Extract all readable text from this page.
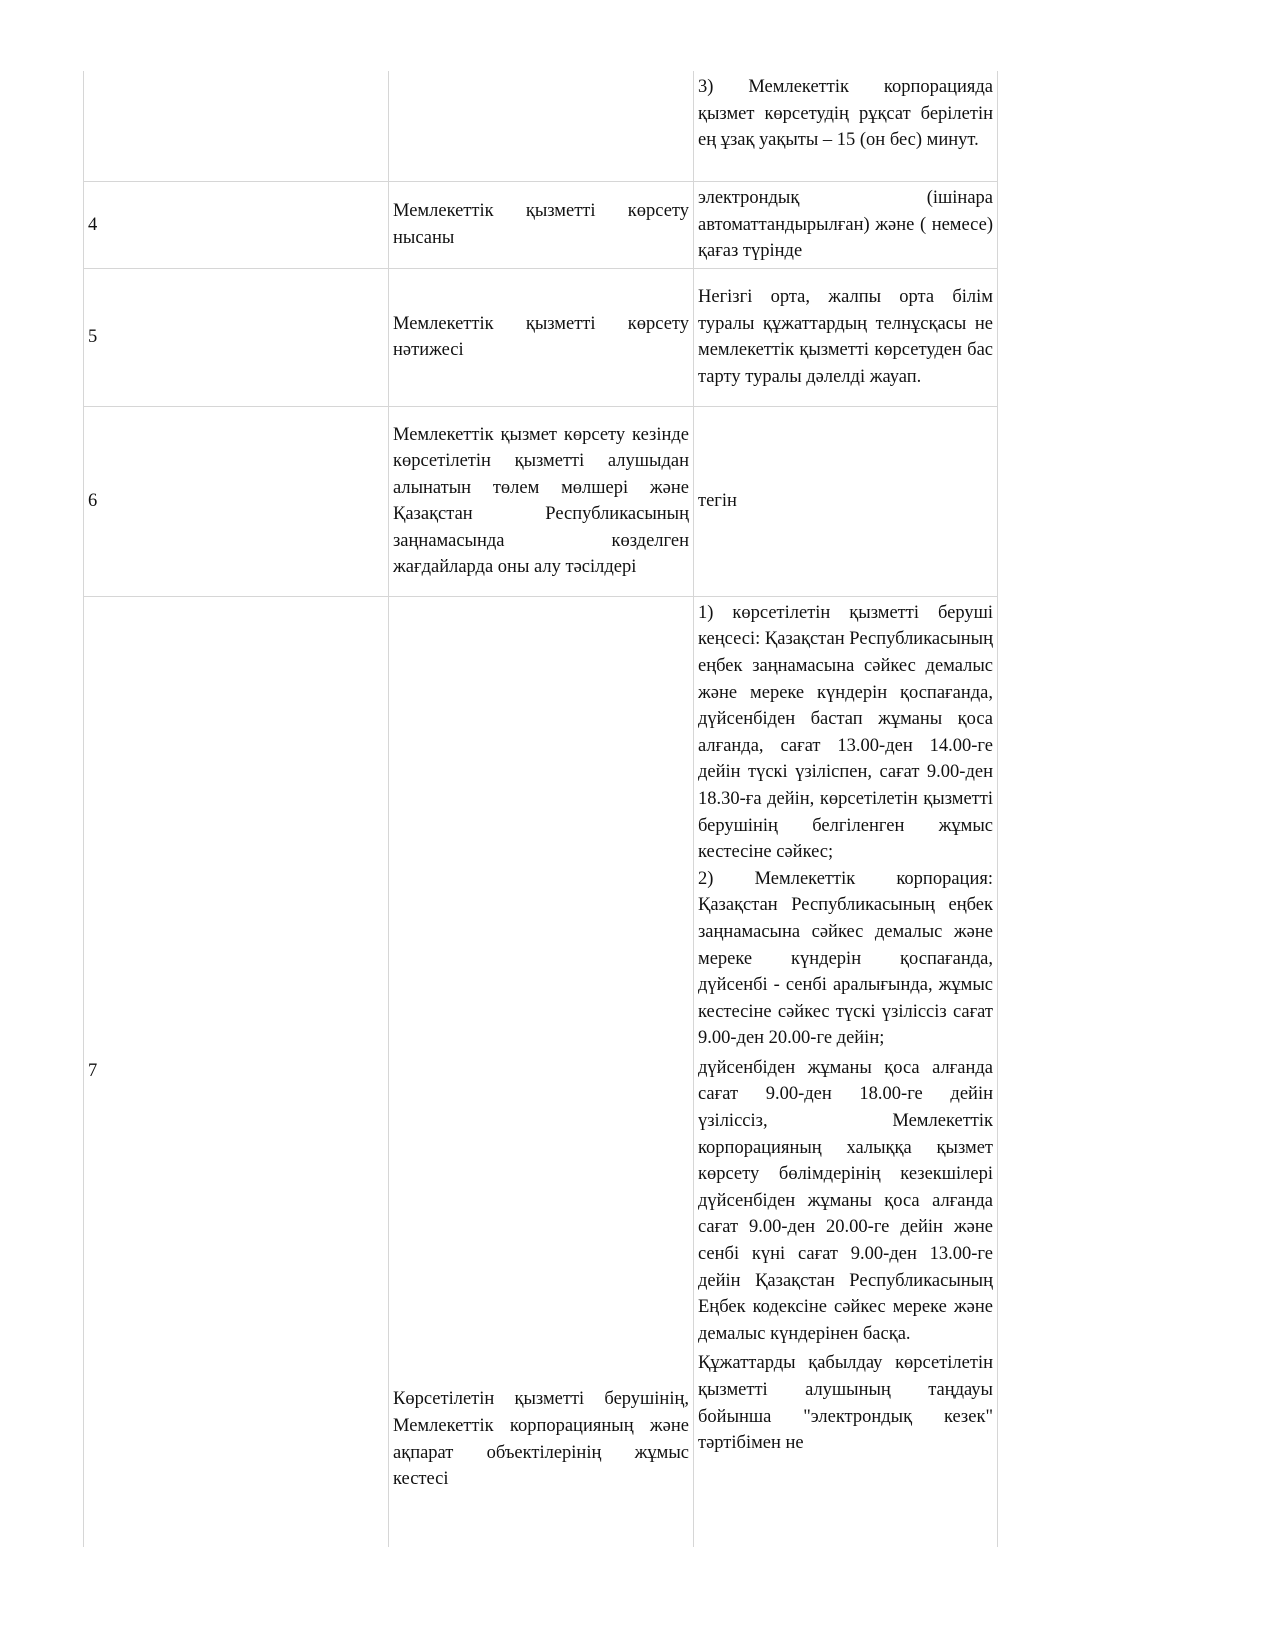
		3) Мемлекеттік корпорацияда қызмет көрсетудің рұқсат берілетін ең ұзақ уақыты – 15 (он бес) минут.

4	Мемлекеттік қызметті көрсету нысаны	электрондық (ішінара автоматтандырылған) және ( немесе) қағаз түрінде

5	Мемлекеттік қызметті көрсету нәтижесі	Негізгі орта, жалпы орта білім туралы құжаттардың телнұсқасы не мемлекеттік қызметті көрсетуден бас тарту туралы дәлелді жауап.

6	Мемлекеттік қызмет көрсету кезінде көрсетілетін қызметті алушыдан алынатын төлем мөлшері және Қазақстан Республикасының заңнамасында көзделген жағдайларда оны алу тәсілдері	тегін

7	Көрсетілетін қызметті берушінің, Мемлекеттік корпорацияның және ақпарат объектілерінің жұмыс кестесі	1) көрсетілетін қызметті беруші кеңсесі: Қазақстан Республикасының еңбек заңнамасына сәйкес демалыс және мереке күндерін қоспағанда, дүйсенбіден бастап жұманы қоса алғанда, сағат 13.00-ден 14.00-ге дейін түскі үзіліспен, сағат 9.00-ден 18.30-ға дейін, көрсетілетін қызметті берушінің белгіленген жұмыс кестесіне сәйкес;
2) Мемлекеттік корпорация: Қазақстан Республикасының еңбек заңнамасына сәйкес демалыс және мереке күндерін қоспағанда, дүйсенбі - сенбі аралығында, жұмыс кестесіне сәйкес түскі үзіліссіз сағат 9.00-ден 20.00-ге дейін;
дүйсенбіден жұманы қоса алғанда сағат 9.00-ден 18.00-ге дейін үзіліссіз, Мемлекеттік корпорацияның халыққа қызмет көрсету бөлімдерінің кезекшілері дүйсенбіден жұманы қоса алғанда сағат 9.00-ден 20.00-ге дейін және сенбі күні сағат 9.00-ден 13.00-ге дейін Қазақстан Республикасының Еңбек кодексіне сәйкес мереке және демалыс күндерінен басқа.
Құжаттарды қабылдау көрсетілетін қызметті алушының таңдауы бойынша "электрондық кезек" тәртібімен не
